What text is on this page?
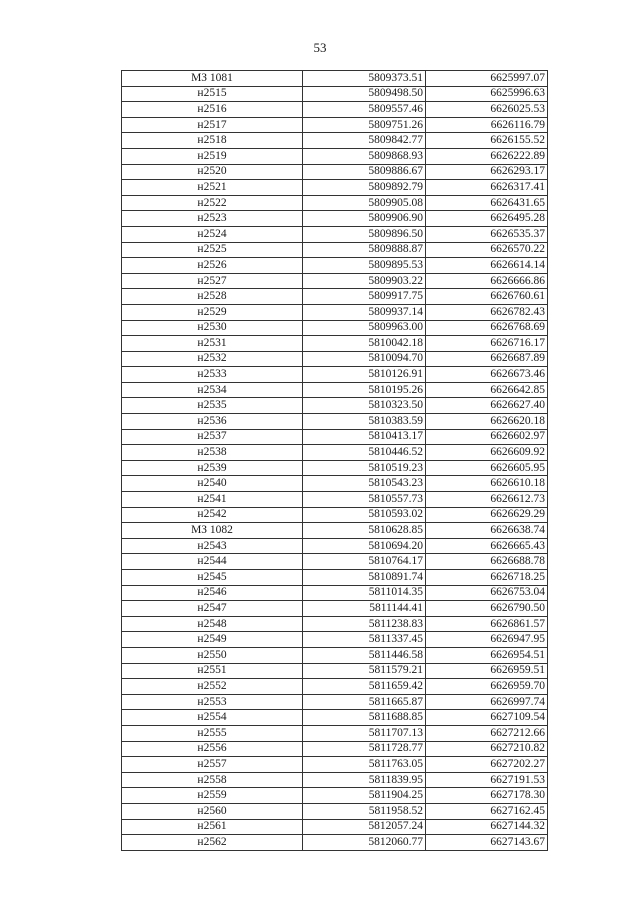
53
МЗ 1081	5809373.51	6625997.07
н2515	5809498.50	6625996.63
н2516	5809557.46	6626025.53
н2517	5809751.26	6626116.79
н2518	5809842.77	6626155.52
н2519	5809868.93	6626222.89
н2520	5809886.67	6626293.17
н2521	5809892.79	6626317.41
н2522	5809905.08	6626431.65
н2523	5809906.90	6626495.28
н2524	5809896.50	6626535.37
н2525	5809888.87	6626570.22
н2526	5809895.53	6626614.14
н2527	5809903.22	6626666.86
н2528	5809917.75	6626760.61
н2529	5809937.14	6626782.43
н2530	5809963.00	6626768.69
н2531	5810042.18	6626716.17
н2532	5810094.70	6626687.89
н2533	5810126.91	6626673.46
н2534	5810195.26	6626642.85
н2535	5810323.50	6626627.40
н2536	5810383.59	6626620.18
н2537	5810413.17	6626602.97
н2538	5810446.52	6626609.92
н2539	5810519.23	6626605.95
н2540	5810543.23	6626610.18
н2541	5810557.73	6626612.73
н2542	5810593.02	6626629.29
МЗ 1082	5810628.85	6626638.74
н2543	5810694.20	6626665.43
н2544	5810764.17	6626688.78
н2545	5810891.74	6626718.25
н2546	5811014.35	6626753.04
н2547	5811144.41	6626790.50
н2548	5811238.83	6626861.57
н2549	5811337.45	6626947.95
н2550	5811446.58	6626954.51
н2551	5811579.21	6626959.51
н2552	5811659.42	6626959.70
н2553	5811665.87	6626997.74
н2554	5811688.85	6627109.54
н2555	5811707.13	6627212.66
н2556	5811728.77	6627210.82
н2557	5811763.05	6627202.27
н2558	5811839.95	6627191.53
н2559	5811904.25	6627178.30
н2560	5811958.52	6627162.45
н2561	5812057.24	6627144.32
н2562	5812060.77	6627143.67
